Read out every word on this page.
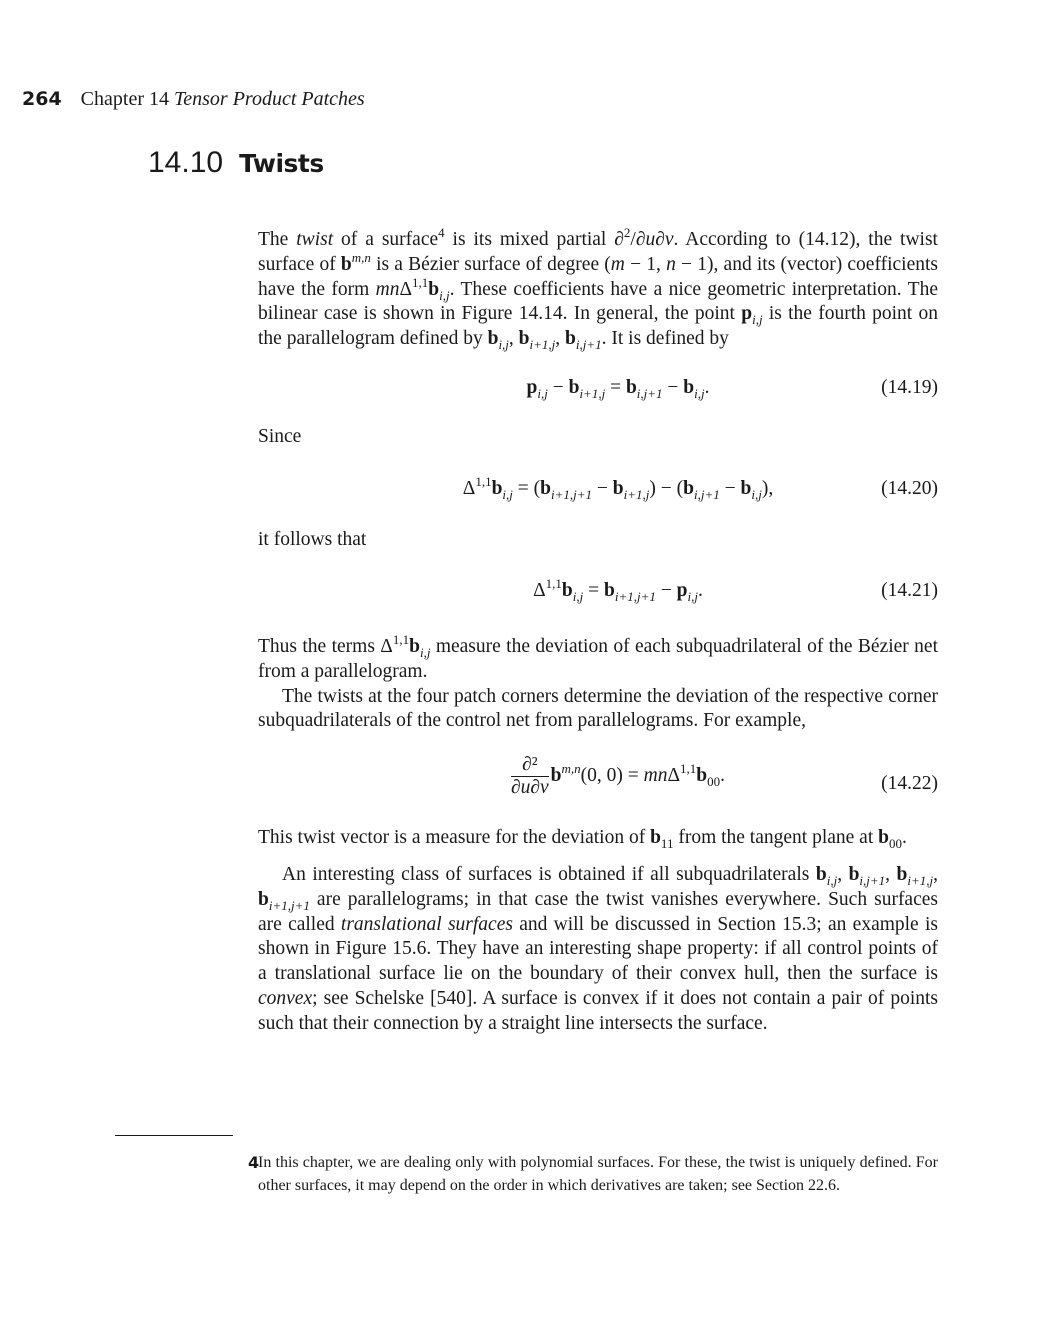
264 Chapter 14 Tensor Product Patches
14.10 Twists

The twist of a surface$^4$ is its mixed partial ∂$^2$/∂u∂v. According to (14.12), the twist surface of $b^{m,n}$ is a Bézier surface of degree (m − 1, n − 1), and its (vector) coefficients have the form $mn\Delta^{1,1}b_{i,j}$. These coefficients have a nice geometric interpretation. The bilinear case is shown in Figure 14.14. In general, the point $p_{i,j}$ is the fourth point on the parallelogram defined by $b_{i,j}$, $b_{i+1,j}$, $b_{i,j+1}$. It is defined by

$p_{i,j} - b_{i+1,j} = b_{i,j+1} - b_{i,j}$.	(14.19)

Since

$\Delta^{1,1}b_{i,j} = (b_{i+1,j+1} - b_{i+1,j}) - (b_{i,j+1} - b_{i,j})$,	(14.20)

it follows that

$\Delta^{1,1}b_{i,j} = b_{i+1,j+1} - p_{i,j}$.	(14.21)

Thus the terms $\Delta^{1,1}b_{i,j}$ measure the deviation of each subquadrilateral of the Bézier net from a parallelogram.

The twists at the four patch corners determine the deviation of the respective corner subquadrilaterals of the control net from parallelograms. For example,

$\frac{\text{∂²}}{\partial u\partial v} b^{m,n}(0$, $0) = mn\Delta^{1,1}b_{00}$.	(14.22)

This twist vector is a measure for the deviation of $b_{11}$ from the tangent plane at $b_{00}$.

An interesting class of surfaces is obtained if all subquadrilaterals $b_{i,j}$, $b_{i,j+1}$, $b_{i+1,j}$, $b_{i+1,j+1}$ are parallelograms; in that case the twist vanishes everywhere. Such surfaces are called translational surfaces and will be discussed in Section 15.3; an example is shown in Figure 15.6. They have an interesting shape property: if all control points of a translational surface lie on the boundary of their convex hull, then the surface is convex; see Schelske [540]. A surface is convex if it does not contain a pair of points such that their connection by a straight line intersects the surface.

4
In this chapter, we are dealing only with polynomial surfaces. For these, the twist is uniquely defined. For other surfaces, it may depend on the order in which derivatives are taken; see Section 22.6.
